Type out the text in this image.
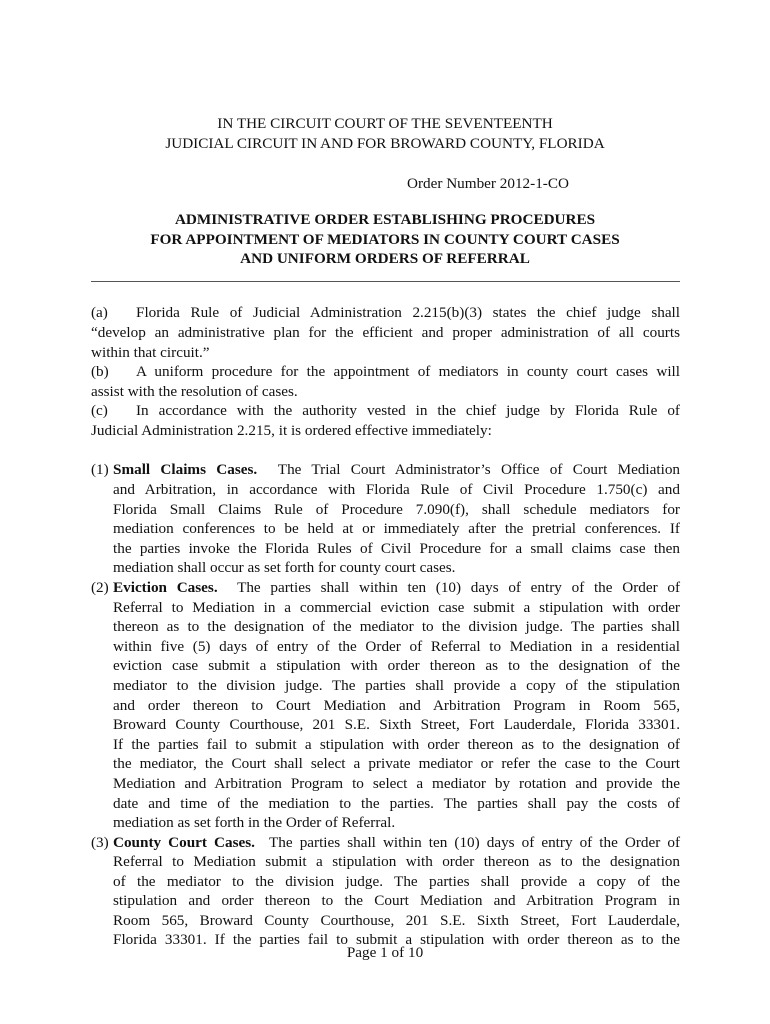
IN THE CIRCUIT COURT OF THE SEVENTEENTH
JUDICIAL CIRCUIT IN AND FOR BROWARD COUNTY, FLORIDA
Order Number 2012-1-CO
ADMINISTRATIVE ORDER ESTABLISHING PROCEDURES
FOR APPOINTMENT OF MEDIATORS IN COUNTY COURT CASES
AND UNIFORM ORDERS OF REFERRAL
(a) Florida Rule of Judicial Administration 2.215(b)(3) states the chief judge shall
“develop an administrative plan for the efficient and proper administration of all courts
within that circuit.”
(b) A uniform procedure for the appointment of mediators in county court cases will
assist with the resolution of cases.
(c) In accordance with the authority vested in the chief judge by Florida Rule of
Judicial Administration 2.215, it is ordered effective immediately:
(1) Small Claims Cases. The Trial Court Administrator’s Office of Court Mediation
and Arbitration, in accordance with Florida Rule of Civil Procedure 1.750(c) and
Florida Small Claims Rule of Procedure 7.090(f), shall schedule mediators for
mediation conferences to be held at or immediately after the pretrial conferences. If
the parties invoke the Florida Rules of Civil Procedure for a small claims case then
mediation shall occur as set forth for county court cases.
(2) Eviction Cases. The parties shall within ten (10) days of entry of the Order of
Referral to Mediation in a commercial eviction case submit a stipulation with order
thereon as to the designation of the mediator to the division judge. The parties shall
within five (5) days of entry of the Order of Referral to Mediation in a residential
eviction case submit a stipulation with order thereon as to the designation of the
mediator to the division judge. The parties shall provide a copy of the stipulation
and order thereon to Court Mediation and Arbitration Program in Room 565,
Broward County Courthouse, 201 S.E. Sixth Street, Fort Lauderdale, Florida 33301.
If the parties fail to submit a stipulation with order thereon as to the designation of
the mediator, the Court shall select a private mediator or refer the case to the Court
Mediation and Arbitration Program to select a mediator by rotation and provide the
date and time of the mediation to the parties. The parties shall pay the costs of
mediation as set forth in the Order of Referral.
(3) County Court Cases. The parties shall within ten (10) days of entry of the Order of
Referral to Mediation submit a stipulation with order thereon as to the designation
of the mediator to the division judge. The parties shall provide a copy of the
stipulation and order thereon to the Court Mediation and Arbitration Program in
Room 565, Broward County Courthouse, 201 S.E. Sixth Street, Fort Lauderdale,
Florida 33301. If the parties fail to submit a stipulation with order thereon as to the
Page 1 of 10
